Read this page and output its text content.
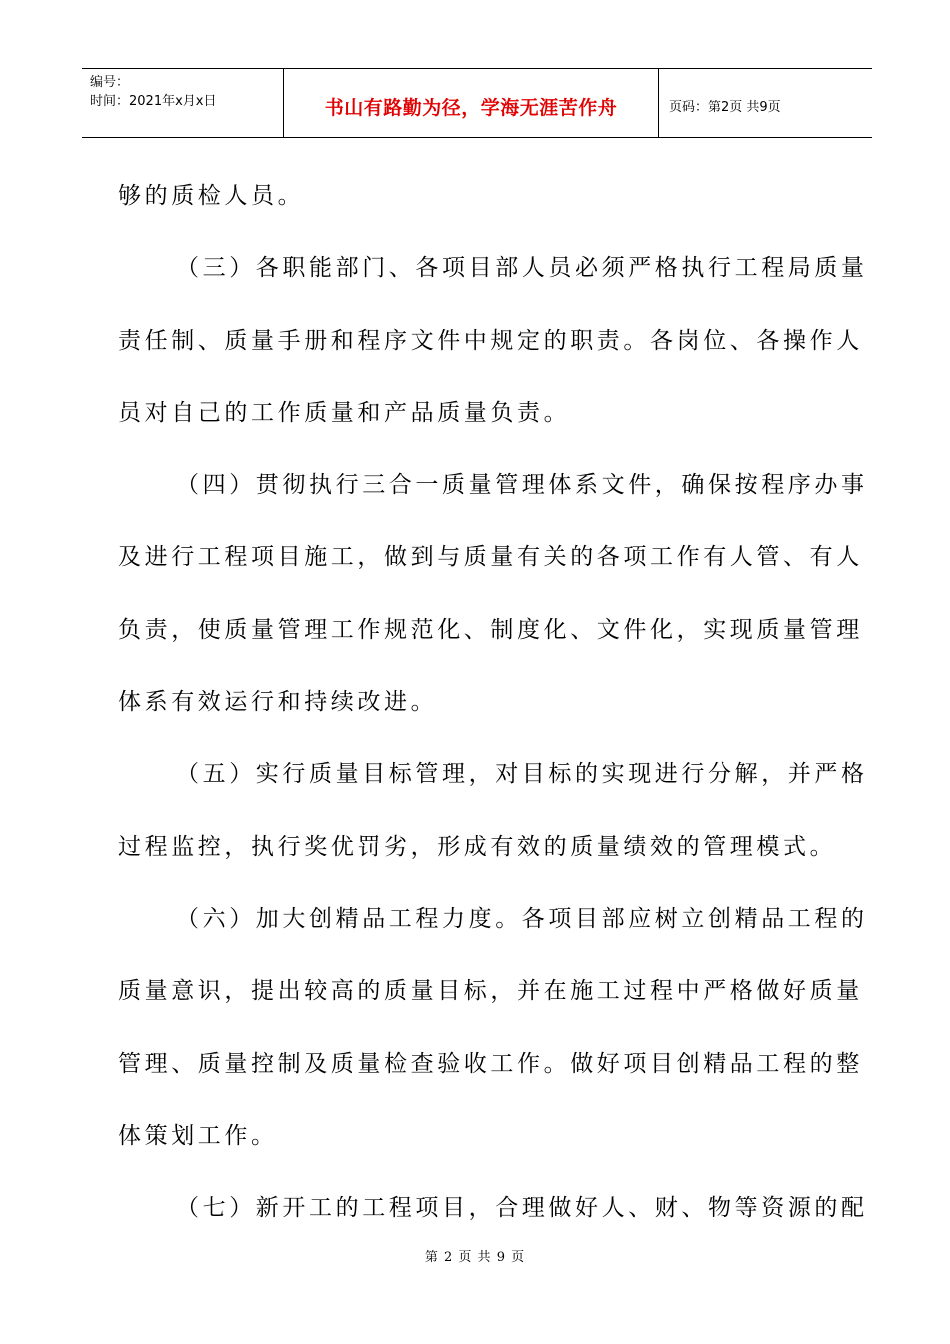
编号：
时间：2021年x月x日	书山有路勤为径，学海无涯苦作舟	页码：第2页 共9页
够的质检人员。
（三）各职能部门、各项目部人员必须严格执行工程局质量
责任制、质量手册和程序文件中规定的职责。各岗位、各操作人
员对自己的工作质量和产品质量负责。
（四）贯彻执行三合一质量管理体系文件，确保按程序办事
及进行工程项目施工，做到与质量有关的各项工作有人管、有人
负责，使质量管理工作规范化、制度化、文件化，实现质量管理
体系有效运行和持续改进。
（五）实行质量目标管理，对目标的实现进行分解，并严格
过程监控，执行奖优罚劣，形成有效的质量绩效的管理模式。
（六）加大创精品工程力度。各项目部应树立创精品工程的
质量意识，提出较高的质量目标，并在施工过程中严格做好质量
管理、质量控制及质量检查验收工作。做好项目创精品工程的整
体策划工作。
（七）新开工的工程项目，合理做好人、财、物等资源的配
第 2 页 共 9 页
